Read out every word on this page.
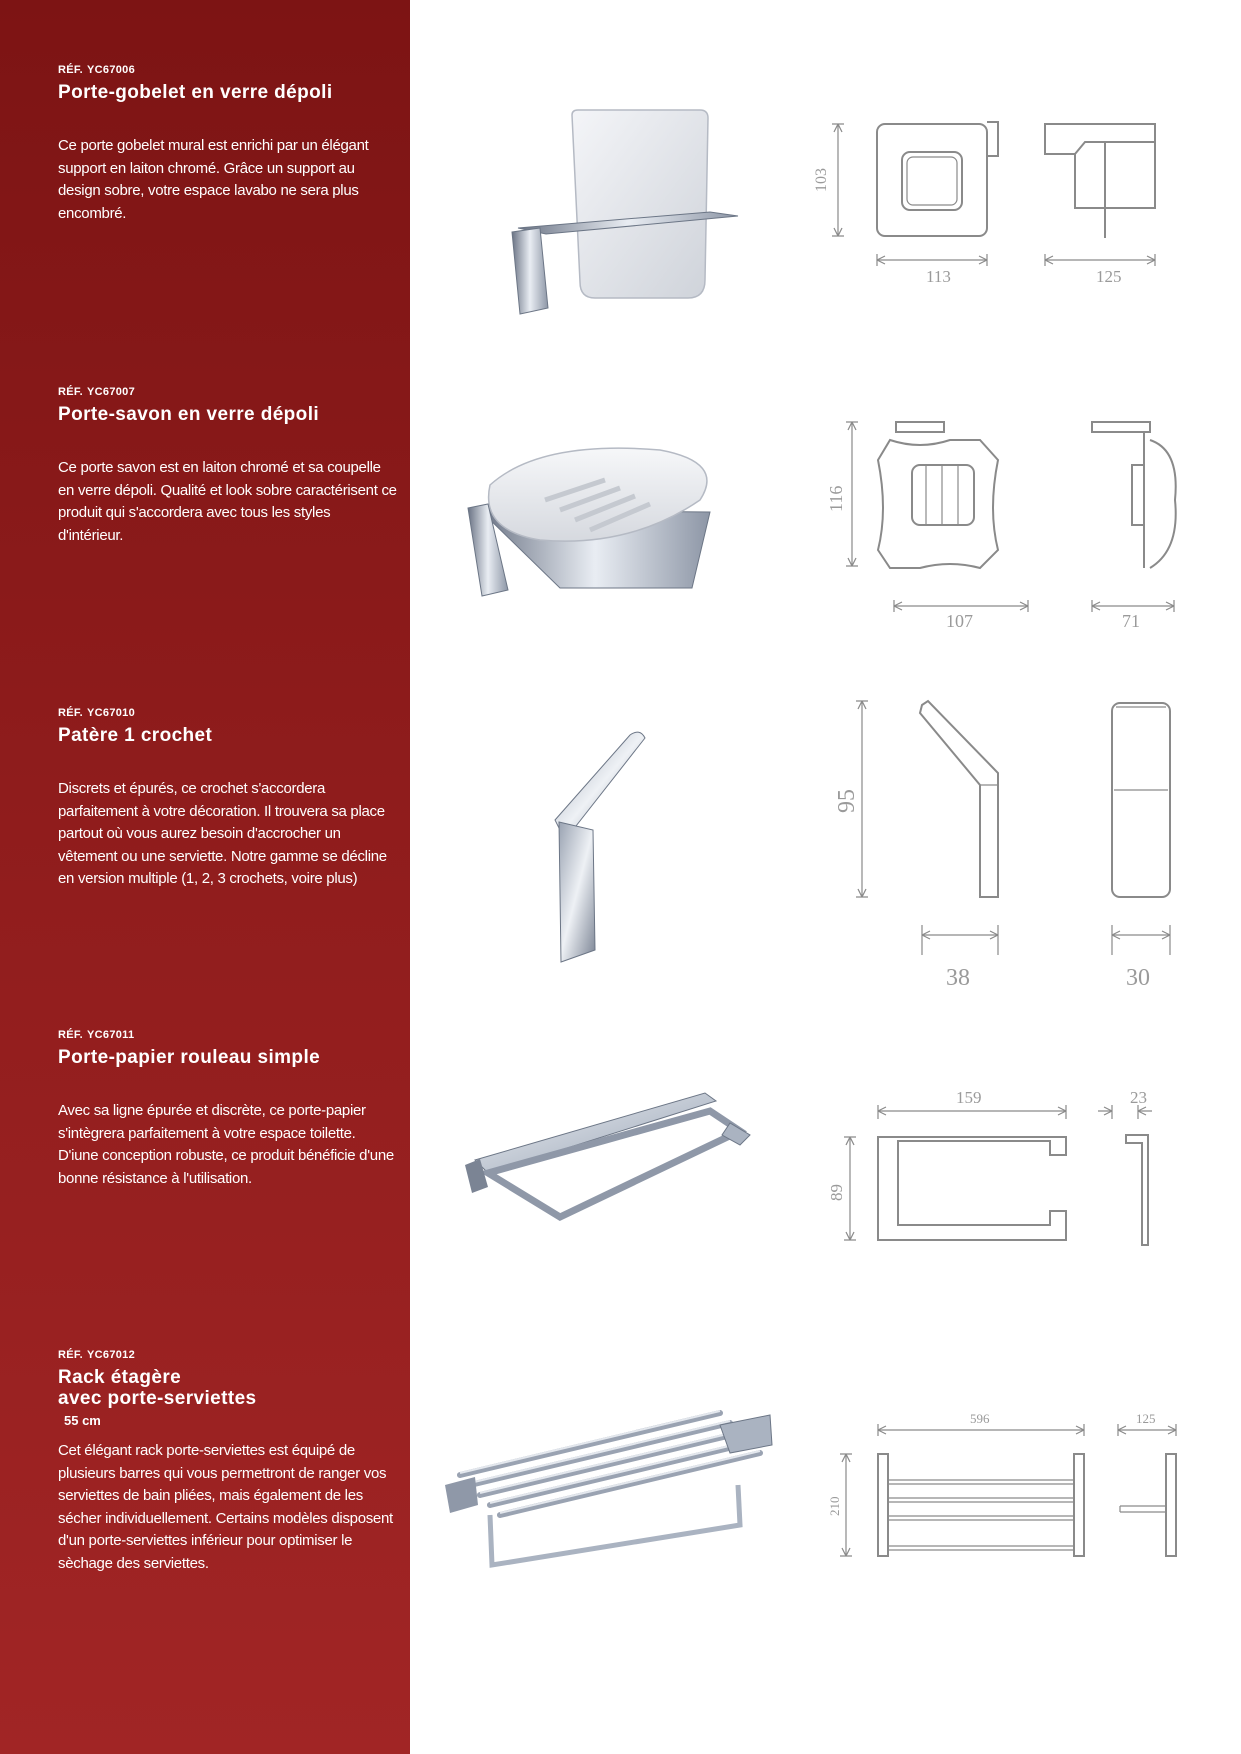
RÉF. YC67006
Porte-gobelet en verre dépoli
Ce porte gobelet mural est enrichi par un élégant support en laiton chromé. Grâce un support au design sobre, votre espace lavabo ne sera plus encombré.
RÉF. YC67007
Porte-savon en verre dépoli
Ce porte savon est en laiton chromé et sa coupelle en verre dépoli. Qualité et look sobre caractérisent ce produit qui s'accordera avec tous les styles d'intérieur.
RÉF. YC67010
Patère 1 crochet
Discrets et épurés, ce crochet s'accordera parfaitement à votre décoration. Il trouvera sa place partout où vous aurez besoin d'accrocher un vêtement ou une serviette. Notre gamme se décline en version multiple (1, 2, 3 crochets, voire plus)
RÉF. YC67011
Porte-papier rouleau simple
Avec sa ligne épurée et discrète, ce porte-papier s'intègrera parfaitement à votre espace toilette. D'iune conception robuste, ce produit bénéficie d'une bonne résistance à l'utilisation.
RÉF. YC67012
Rack étagère
avec porte-serviettes
55 cm
Cet élégant rack porte-serviettes est équipé de plusieurs barres qui vous permettront de ranger vos serviettes de bain pliées, mais également de les sécher individuellement. Certains modèles disposent d'un porte-serviettes inférieur pour optimiser le sèchage des serviettes.
103
113	125
116
107	71
95
38	30
159	23
89
596	125
210
